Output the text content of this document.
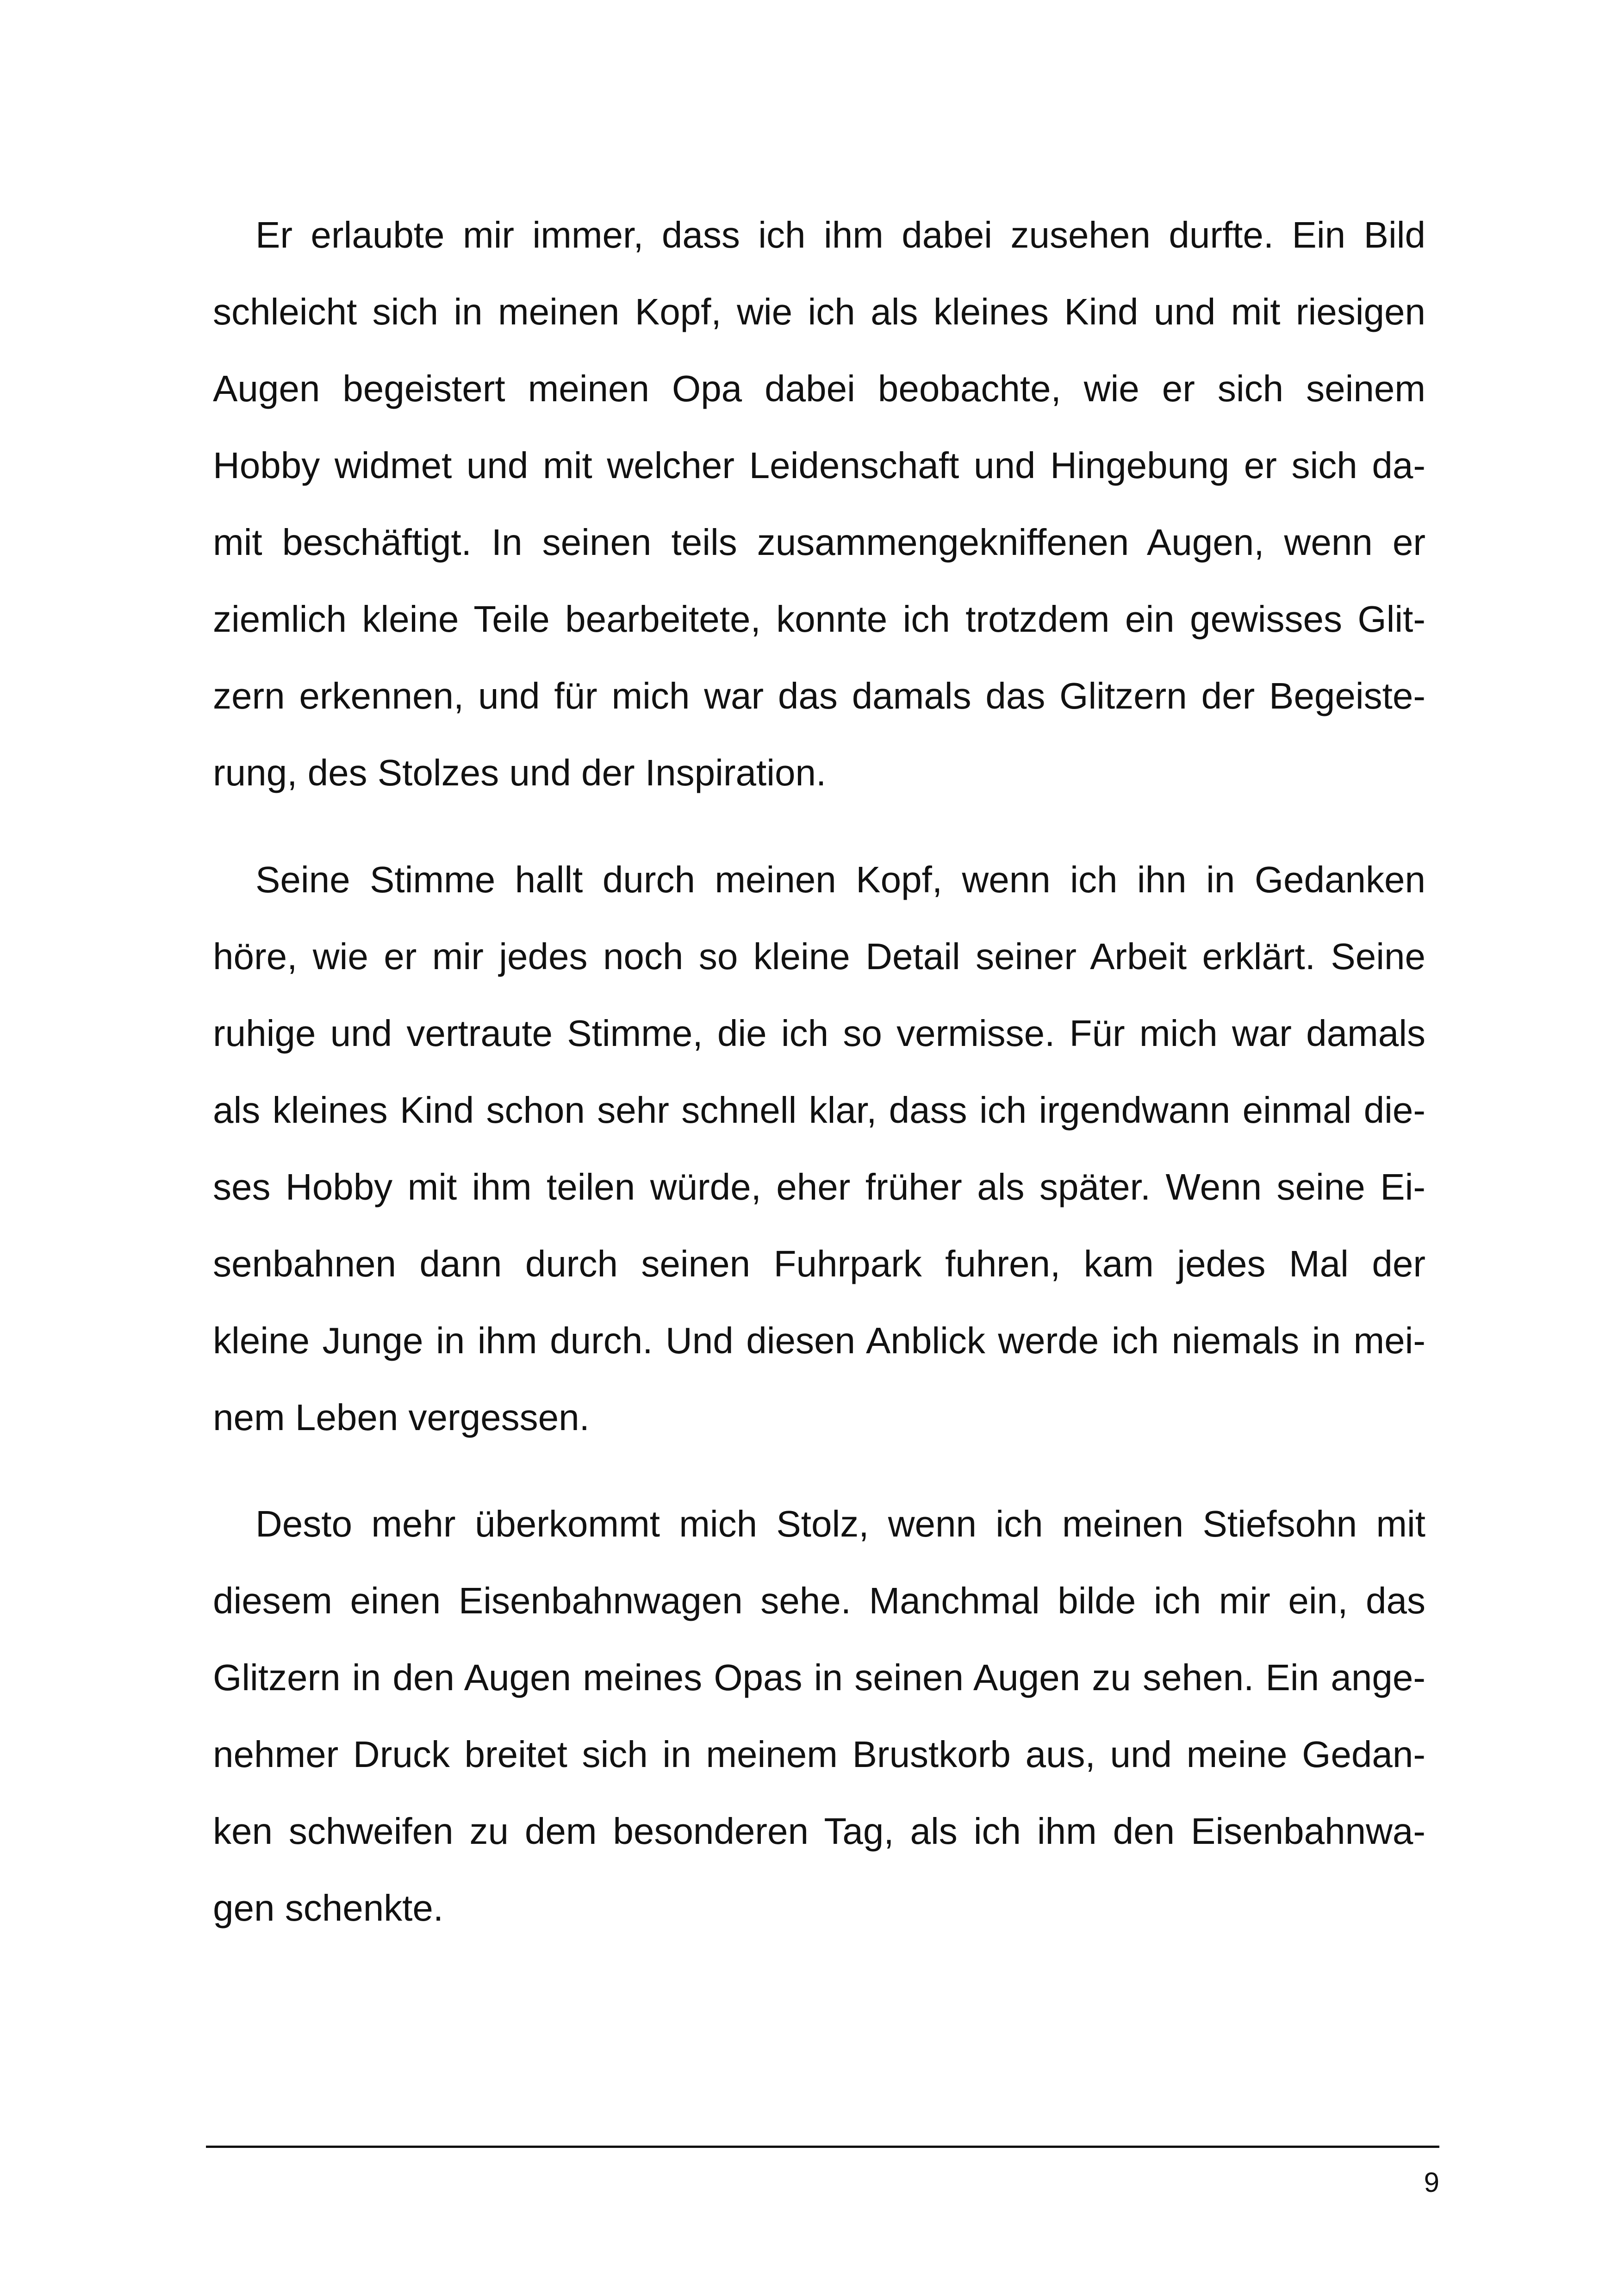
Er erlaubte mir immer, dass ich ihm dabei zusehen durfte. Ein Bild
schleicht sich in meinen Kopf, wie ich als kleines Kind und mit riesigen
Augen begeistert meinen Opa dabei beobachte, wie er sich seinem
Hobby widmet und mit welcher Leidenschaft und Hingebung er sich da-
mit beschäftigt. In seinen teils zusammengekniffenen Augen, wenn er
ziemlich kleine Teile bearbeitete, konnte ich trotzdem ein gewisses Glit-
zern erkennen, und für mich war das damals das Glitzern der Begeiste-
rung, des Stolzes und der Inspiration.
Seine Stimme hallt durch meinen Kopf, wenn ich ihn in Gedanken
höre, wie er mir jedes noch so kleine Detail seiner Arbeit erklärt. Seine
ruhige und vertraute Stimme, die ich so vermisse. Für mich war damals
als kleines Kind schon sehr schnell klar, dass ich irgendwann einmal die-
ses Hobby mit ihm teilen würde, eher früher als später. Wenn seine Ei-
senbahnen dann durch seinen Fuhrpark fuhren, kam jedes Mal der
kleine Junge in ihm durch. Und diesen Anblick werde ich niemals in mei-
nem Leben vergessen.
Desto mehr überkommt mich Stolz, wenn ich meinen Stiefsohn mit
diesem einen Eisenbahnwagen sehe. Manchmal bilde ich mir ein, das
Glitzern in den Augen meines Opas in seinen Augen zu sehen. Ein ange-
nehmer Druck breitet sich in meinem Brustkorb aus, und meine Gedan-
ken schweifen zu dem besonderen Tag, als ich ihm den Eisenbahnwa-
gen schenkte.
9
